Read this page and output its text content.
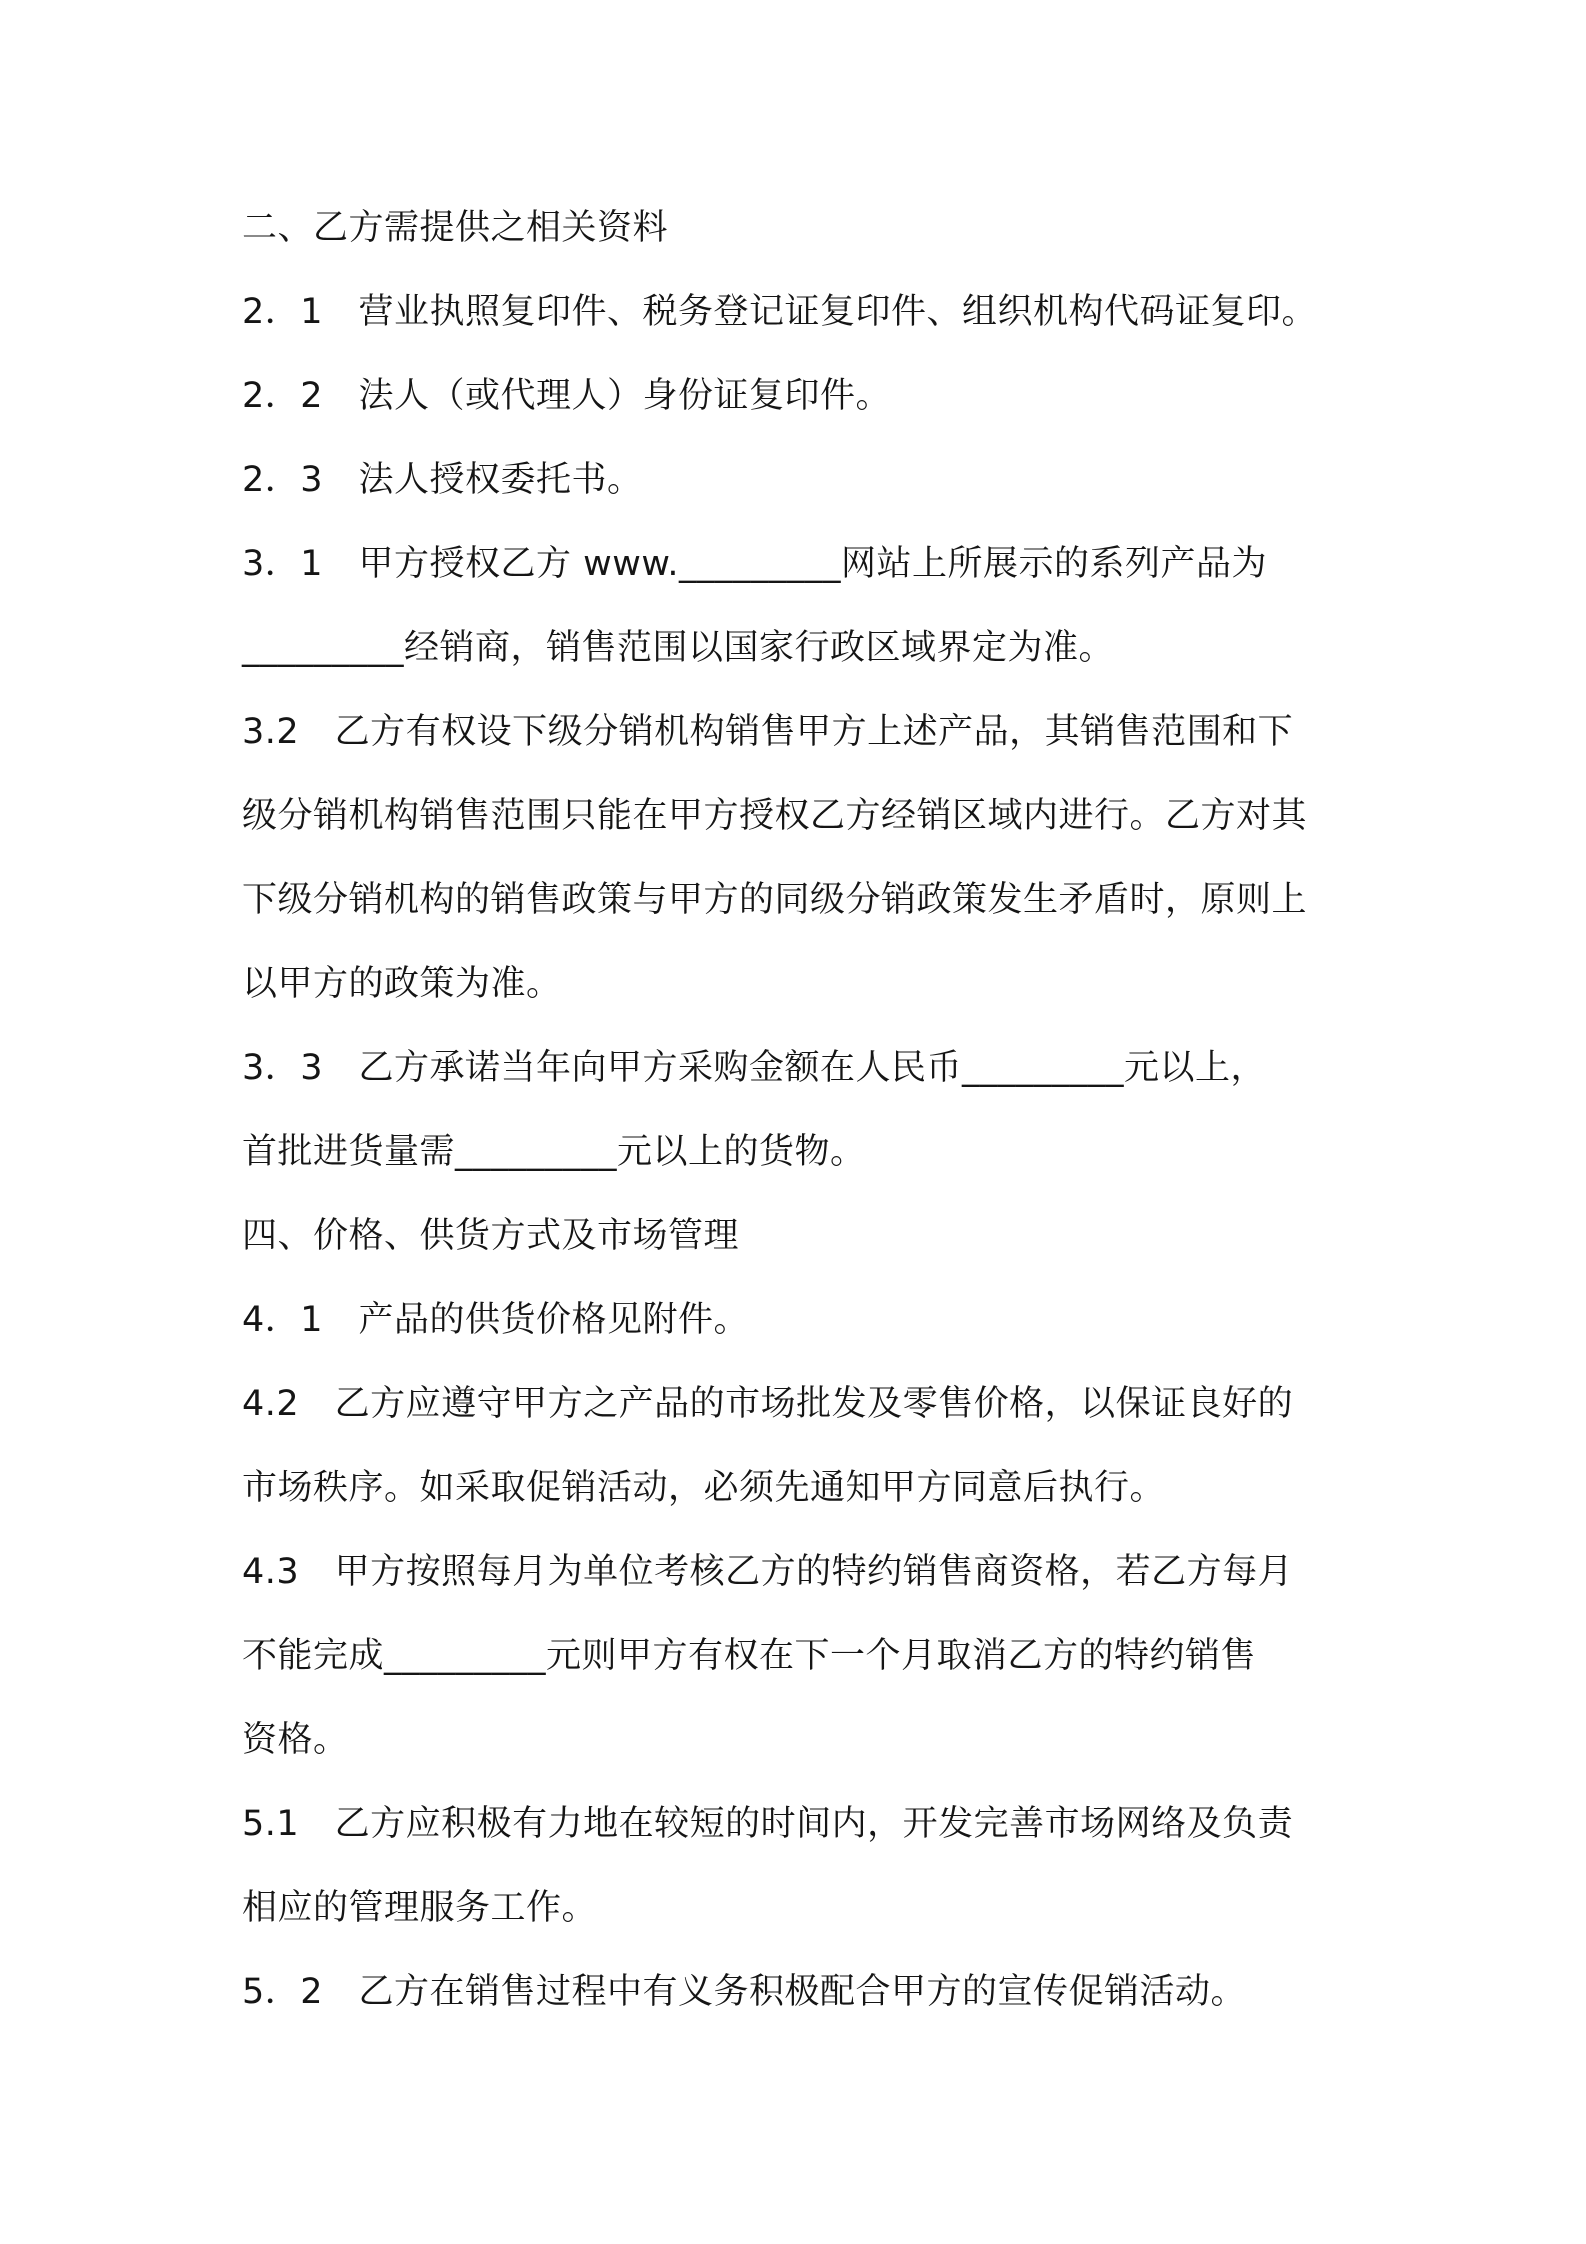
二、乙方需提供之相关资料
2．1　营业执照复印件、税务登记证复印件、组织机构代码证复印。
2．2　法人（或代理人）身份证复印件。
2．3　法人授权委托书。
3．1　甲方授权乙方 www._________网站上所展示的系列产品为
_________经销商，销售范围以国家行政区域界定为准。
3.2　乙方有权设下级分销机构销售甲方上述产品，其销售范围和下
级分销机构销售范围只能在甲方授权乙方经销区域内进行。乙方对其
下级分销机构的销售政策与甲方的同级分销政策发生矛盾时，原则上
以甲方的政策为准。
3．3　乙方承诺当年向甲方采购金额在人民币_________元以上，
首批进货量需_________元以上的货物。
四、价格、供货方式及市场管理
4．1　产品的供货价格见附件。
4.2　乙方应遵守甲方之产品的市场批发及零售价格，以保证良好的
市场秩序。如采取促销活动，必须先通知甲方同意后执行。
4.3　甲方按照每月为单位考核乙方的特约销售商资格，若乙方每月
不能完成_________元则甲方有权在下一个月取消乙方的特约销售
资格。
5.1　乙方应积极有力地在较短的时间内，开发完善市场网络及负责
相应的管理服务工作。
5．2　乙方在销售过程中有义务积极配合甲方的宣传促销活动。
